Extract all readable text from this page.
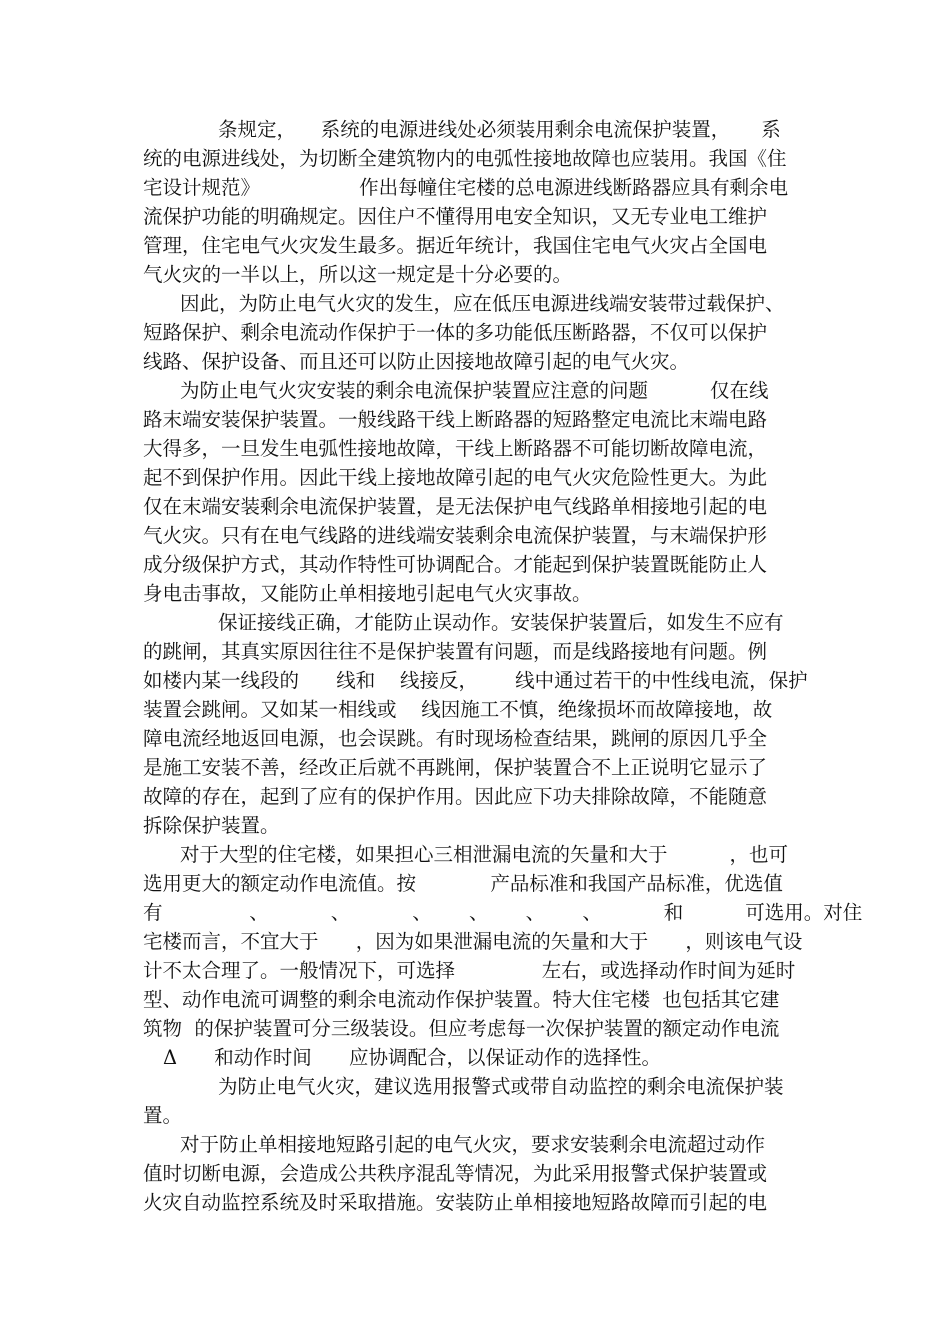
条规定，    系统的电源进线处必须装用剩余电流保护装置，     系
统的电源进线处，为切断全建筑物内的电弧性接地故障也应装用。我国《住
宅设计规范》                作出每幢住宅楼的总电源进线断路器应具有剩余电
流保护功能的明确规定。因住户不懂得用电安全知识，又无专业电工维护
管理，住宅电气火灾发生最多。据近年统计，我国住宅电气火灾占全国电
气火灾的一半以上，所以这一规定是十分必要的。
因此，为防止电气火灾的发生，应在低压电源进线端安装带过载保护、
短路保护、剩余电流动作保护于一体的多功能低压断路器，不仅可以保护
线路、保护设备、而且还可以防止因接地故障引起的电气火灾。
为防止电气火灾安装的剩余电流保护装置应注意的问题          仅在线
路末端安装保护装置。一般线路干线上断路器的短路整定电流比末端电路
大得多，一旦发生电弧性接地故障，干线上断路器不可能切断故障电流，
起不到保护作用。因此干线上接地故障引起的电气火灾危险性更大。为此
仅在末端安装剩余电流保护装置，是无法保护电气线路单相接地引起的电
气火灾。只有在电气线路的进线端安装剩余电流保护装置，与末端保护形
成分级保护方式，其动作特性可协调配合。才能起到保护装置既能防止人
身电击事故，又能防止单相接地引起电气火灾事故。
保证接线正确，才能防止误动作。安装保护装置后，如发生不应有
的跳闸，其真实原因往往不是保护装置有问题，而是线路接地有问题。例
如楼内某一线段的      线和    线接反，      线中通过若干的中性线电流，保护
装置会跳闸。又如某一相线或    线因施工不慎，绝缘损坏而故障接地，故
障电流经地返回电源，也会误跳。有时现场检查结果，跳闸的原因几乎全
是施工安装不善，经改正后就不再跳闸，保护装置合不上正说明它显示了
故障的存在，起到了应有的保护作用。因此应下功夫排除故障，不能随意
拆除保护装置。
对于大型的住宅楼，如果担心三相泄漏电流的矢量和大于          ，也可
选用更大的额定动作电流值。按            产品标准和我国产品标准，优选值
有              、          、          、      、      、      、          和          可选用。对住
宅楼而言，不宜大于      ，因为如果泄漏电流的矢量和大于      ，则该电气设
计不太合理了。一般情况下，可选择              左右，或选择动作时间为延时
型、动作电流可调整的剩余电流动作保护装置。特大住宅楼  也包括其它建
筑物  的保护装置可分三级装设。但应考虑每一次保护装置的额定动作电流
Δ      和动作时间      应协调配合，以保证动作的选择性。
为防止电气火灾，建议选用报警式或带自动监控的剩余电流保护装
置。
对于防止单相接地短路引起的电气火灾，要求安装剩余电流超过动作
值时切断电源，会造成公共秩序混乱等情况，为此采用报警式保护装置或
火灾自动监控系统及时采取措施。安装防止单相接地短路故障而引起的电
